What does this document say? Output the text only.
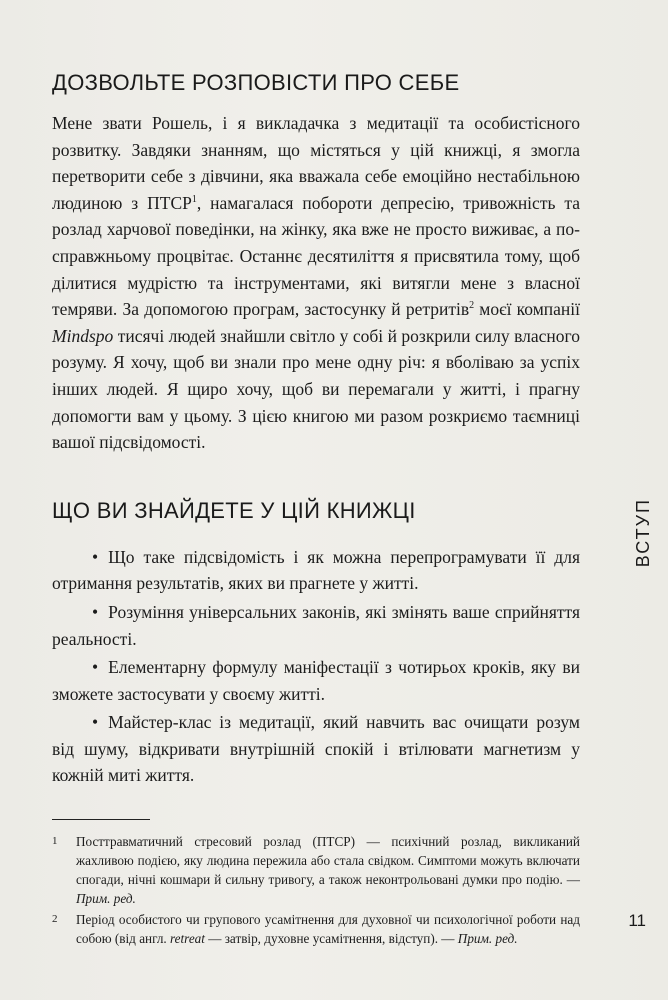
ДОЗВОЛЬТЕ РОЗПОВІСТИ ПРО СЕБЕ

Мене звати Рошель, і я викладачка з медитації та особистісного розвитку. Завдяки знанням, що містяться у цій книжці, я змогла перетворити себе з дівчини, яка вважала себе емоційно нестабільною людиною з ПТСР$^1$, намагалася побороти депресію, тривожність та розлад харчової поведінки, на жінку, яка вже не просто виживає, а по-справжньому процвітає. Останнє десятиліття я присвятила тому, щоб ділитися мудрістю та інструментами, які витягли мене з власної темряви. За допомогою програм, застосунку й ретритів$^2$ моєї компанії Mindspo тисячі людей знайшли світло у собі й розкрили силу власного розуму. Я хочу, щоб ви знали про мене одну річ: я вболіваю за успіх інших людей. Я щиро хочу, щоб ви перемагали у житті, і прагну допомогти вам у цьому. З цією книгою ми разом розкриємо таємниці вашої підсвідомості.

ЩО ВИ ЗНАЙДЕТЕ У ЦІЙ КНИЖЦІ
• Що таке підсвідомість і як можна перепрограмувати її для отримання результатів, яких ви прагнете у житті.
• Розуміння універсальних законів, які змінять ваше сприйняття реальності.
• Елементарну формулу маніфестації з чотирьох кроків, яку ви зможете застосувати у своєму житті.
• Майстер-клас із медитації, який навчить вас очищати розум від шуму, відкривати внутрішній спокій і втілювати магнетизм у кожній миті життя.
1	Посттравматичний стресовий розлад (ПТСР) — психічний розлад, викликаний жахливою подією, яку людина пережила або стала свідком. Симптоми можуть включати спогади, нічні кошмари й сильну тривогу, а також неконтрольовані думки про подію. — Прим. ред.
2	Період особистого чи групового усамітнення для духовної чи психологічної роботи над собою (від англ. retreat — затвір, духовне усамітнення, відступ). — Прим. ред.
ВСТУП
11
